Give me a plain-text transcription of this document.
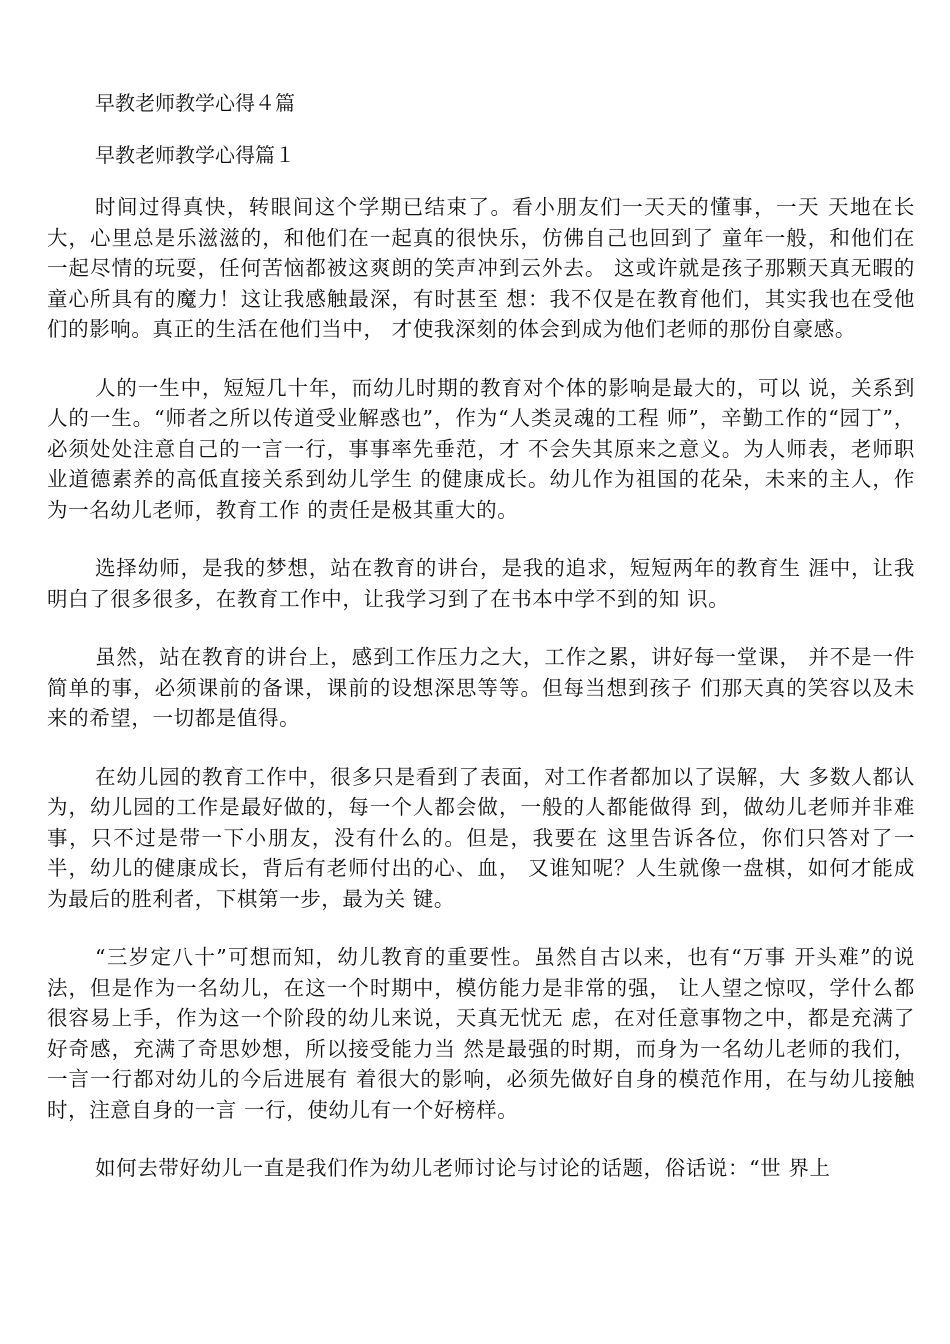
早教老师教学心得４篇
早教老师教学心得篇１

时间过得真快，转眼间这个学期已结束了。看小朋友们一天天的懂事，一天 天地在长大，心里总是乐滋滋的，和他们在一起真的很快乐，仿佛自己也回到了 童年一般，和他们在一起尽情的玩耍，任何苦恼都被这爽朗的笑声冲到云外去。 这或许就是孩子那颗天真无暇的童心所具有的魔力！这让我感触最深，有时甚至 想：我不仅是在教育他们，其实我也在受他们的影响。真正的生活在他们当中， 才使我深刻的体会到成为他们老师的那份自豪感。

人的一生中，短短几十年，而幼儿时期的教育对个体的影响是最大的，可以 说，关系到人的一生。“师者之所以传道受业解惑也”，作为“人类灵魂的工程 师”，辛勤工作的“园丁”，必须处处注意自己的一言一行，事事率先垂范，才 不会失其原来之意义。为人师表，老师职业道德素养的高低直接关系到幼儿学生 的健康成长。幼儿作为祖国的花朵，未来的主人，作为一名幼儿老师，教育工作 的责任是极其重大的。

选择幼师，是我的梦想，站在教育的讲台，是我的追求，短短两年的教育生 涯中，让我明白了很多很多，在教育工作中，让我学习到了在书本中学不到的知 识。

虽然，站在教育的讲台上，感到工作压力之大，工作之累，讲好每一堂课， 并不是一件简单的事，必须课前的备课，课前的设想深思等等。但每当想到孩子 们那天真的笑容以及未来的希望，一切都是值得。

在幼儿园的教育工作中，很多只是看到了表面，对工作者都加以了误解，大 多数人都认为，幼儿园的工作是最好做的，每一个人都会做，一般的人都能做得 到，做幼儿老师并非难事，只不过是带一下小朋友，没有什么的。但是，我要在 这里告诉各位，你们只答对了一半，幼儿的健康成长，背后有老师付出的心、血， 又谁知呢？人生就像一盘棋，如何才能成为最后的胜利者，下棋第一步，最为关 键。

“三岁定八十”可想而知，幼儿教育的重要性。虽然自古以来，也有“万事 开头难”的说法，但是作为一名幼儿，在这一个时期中，模仿能力是非常的强， 让人望之惊叹，学什么都很容易上手，作为这一个阶段的幼儿来说，天真无忧无 虑，在对任意事物之中，都是充满了好奇感，充满了奇思妙想，所以接受能力当 然是最强的时期，而身为一名幼儿老师的我们，一言一行都对幼儿的今后进展有 着很大的影响，必须先做好自身的模范作用，在与幼儿接触时，注意自身的一言 一行，使幼儿有一个好榜样。

如何去带好幼儿一直是我们作为幼儿老师讨论与讨论的话题，俗话说：“世 界上
